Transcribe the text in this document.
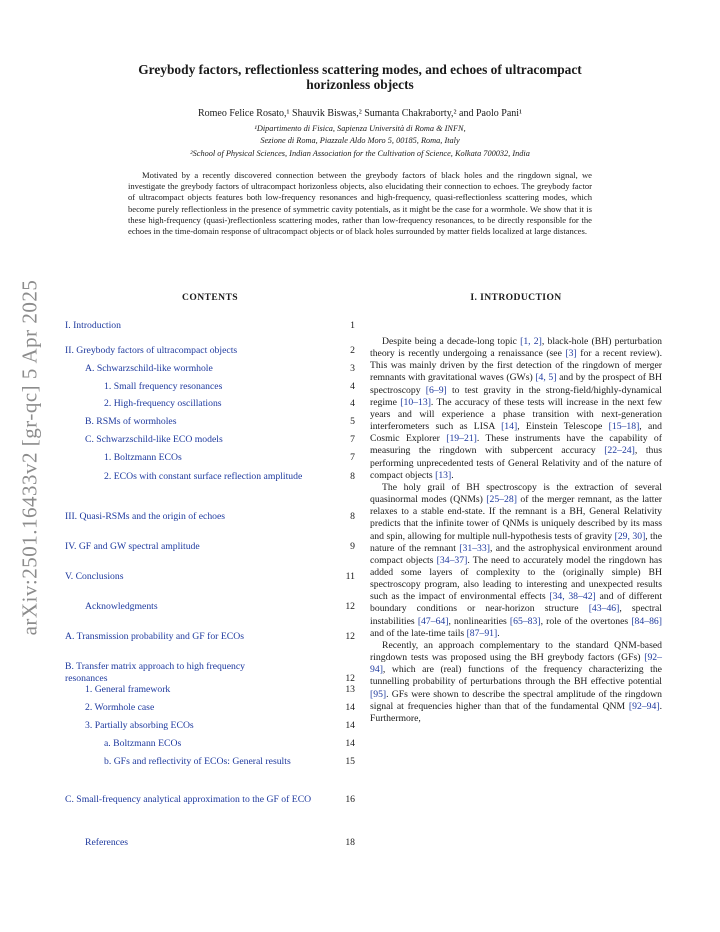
arXiv:2501.16433v2 [gr-qc] 5 Apr 2025
Greybody factors, reflectionless scattering modes, and echoes of ultracompact horizonless objects
Romeo Felice Rosato,¹ Shauvik Biswas,² Sumanta Chakraborty,² and Paolo Pani¹
¹Dipartimento di Fisica, Sapienza Università di Roma & INFN,
Sezione di Roma, Piazzale Aldo Moro 5, 00185, Roma, Italy
²School of Physical Sciences, Indian Association for the Cultivation of Science, Kolkata 700032, India
Motivated by a recently discovered connection between the greybody factors of black holes and the ringdown signal, we investigate the greybody factors of ultracompact horizonless objects, also elucidating their connection to echoes. The greybody factor of ultracompact objects features both low-frequency resonances and high-frequency, quasi-reflectionless scattering modes, which become purely reflectionless in the presence of symmetric cavity potentials, as it might be the case for a wormhole. We show that it is these high-frequency (quasi-)reflectionless scattering modes, rather than low-frequency resonances, to be directly responsible for the echoes in the time-domain response of ultracompact objects or of black holes surrounded by matter fields localized at large distances.
CONTENTS
I. Introduction	1
II. Greybody factors of ultracompact objects	2
A. Schwarzschild-like wormhole	3
1. Small frequency resonances	4
2. High-frequency oscillations	4
B. RSMs of wormholes	5
C. Schwarzschild-like ECO models	7
1. Boltzmann ECOs	7
2. ECOs with constant surface reflection amplitude	8
III. Quasi-RSMs and the origin of echoes	8
IV. GF and GW spectral amplitude	9
V. Conclusions	11
Acknowledgments	12
A. Transmission probability and GF for ECOs	12
B. Transfer matrix approach to high frequency resonances	12
1. General framework	13
2. Wormhole case	14
3. Partially absorbing ECOs	14
a. Boltzmann ECOs	14
b. GFs and reflectivity of ECOs: General results	15
C. Small-frequency analytical approximation to the GF of ECO	16
References	18
I. INTRODUCTION

Despite being a decade-long topic [1, 2], black-hole (BH) perturbation theory is recently undergoing a renaissance (see [3] for a recent review). This was mainly driven by the first detection of the ringdown of merger remnants with gravitational waves (GWs) [4, 5] and by the prospect of BH spectroscopy [6–9] to test gravity in the strong-field/highly-dynamical regime [10–13]. The accuracy of these tests will increase in the next few years and will experience a phase transition with next-generation interferometers such as LISA [14], Einstein Telescope [15–18], and Cosmic Explorer [19–21]. These instruments have the capability of measuring the ringdown with subpercent accuracy [22–24], thus performing unprecedented tests of General Relativity and of the nature of compact objects [13].

The holy grail of BH spectroscopy is the extraction of several quasinormal modes (QNMs) [25–28] of the merger remnant, as the latter relaxes to a stable end-state. If the remnant is a BH, General Relativity predicts that the infinite tower of QNMs is uniquely described by its mass and spin, allowing for multiple null-hypothesis tests of gravity [29, 30], the nature of the remnant [31–33], and the astrophysical environment around compact objects [34–37]. The need to accurately model the ringdown has added some layers of complexity to the (originally simple) BH spectroscopy program, also leading to interesting and unexpected results such as the impact of environmental effects [34, 38–42] and of different boundary conditions or near-horizon structure [43–46], spectral instabilities [47–64], nonlinearities [65–83], role of the overtones [84–86] and of the late-time tails [87–91].

Recently, an approach complementary to the standard QNM-based ringdown tests was proposed using the BH greybody factors (GFs) [92–94], which are (real) functions of the frequency characterizing the tunnelling probability of perturbations through the BH effective potential [95]. GFs were shown to describe the spectral amplitude of the ringdown signal at frequencies higher than that of the fundamental QNM [92–94]. Furthermore,
